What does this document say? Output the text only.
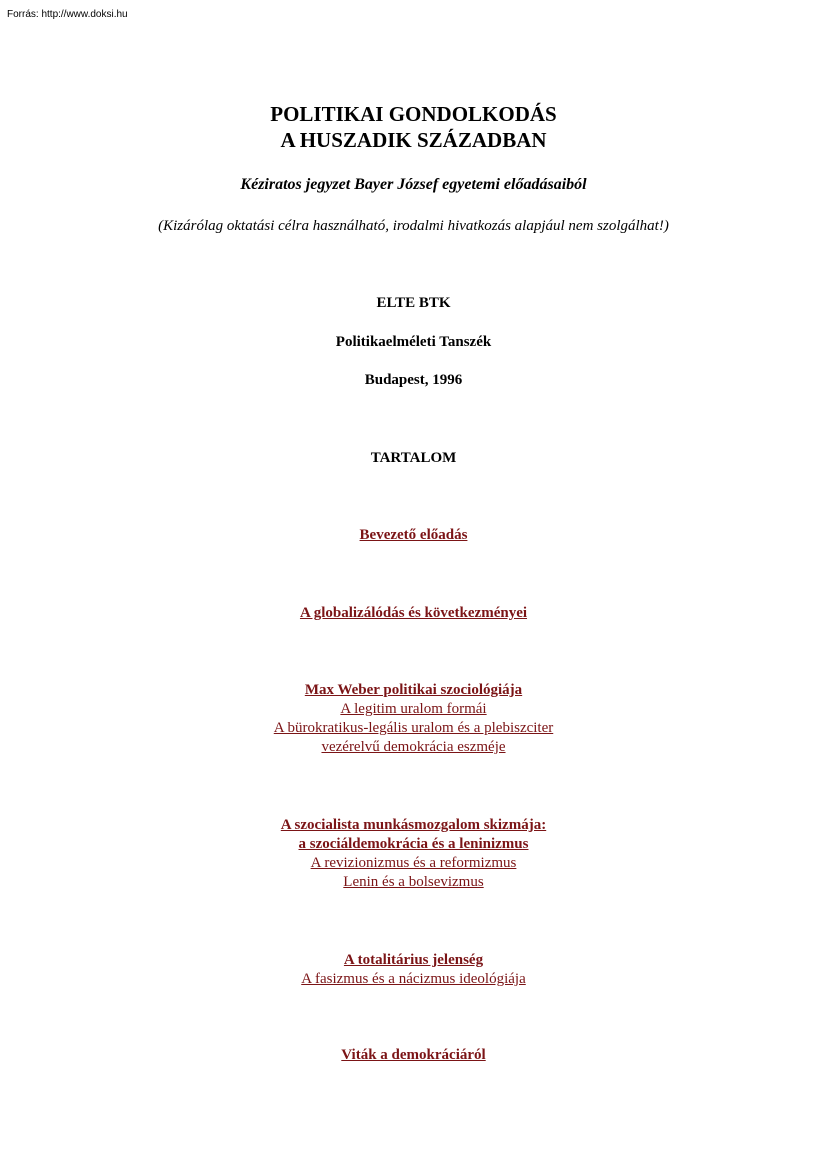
Forrás: http://www.doksi.hu
POLITIKAI GONDOLKODÁS
A HUSZADIK SZÁZADBAN
Kéziratos jegyzet Bayer József egyetemi előadásaiból
(Kizárólag oktatási célra használható, irodalmi hivatkozás alapjául nem szolgálhat!)
ELTE BTK
Politikaelméleti Tanszék
Budapest, 1996
TARTALOM
Bevezető előadás
A globalizálódás és következményei
Max Weber politikai szociológiája
A legitim uralom formái
A bürokratikus-legális uralom és a plebiszciter
vezérelvű demokrácia eszméje
A szocialista munkásmozgalom skizmája:
a szociáldemokrácia és a leninizmus
A revizionizmus és a reformizmus
Lenin és a bolsevizmus
A totalitárius jelenség
A fasizmus és a nácizmus ideológiája
Viták a demokráciáról
